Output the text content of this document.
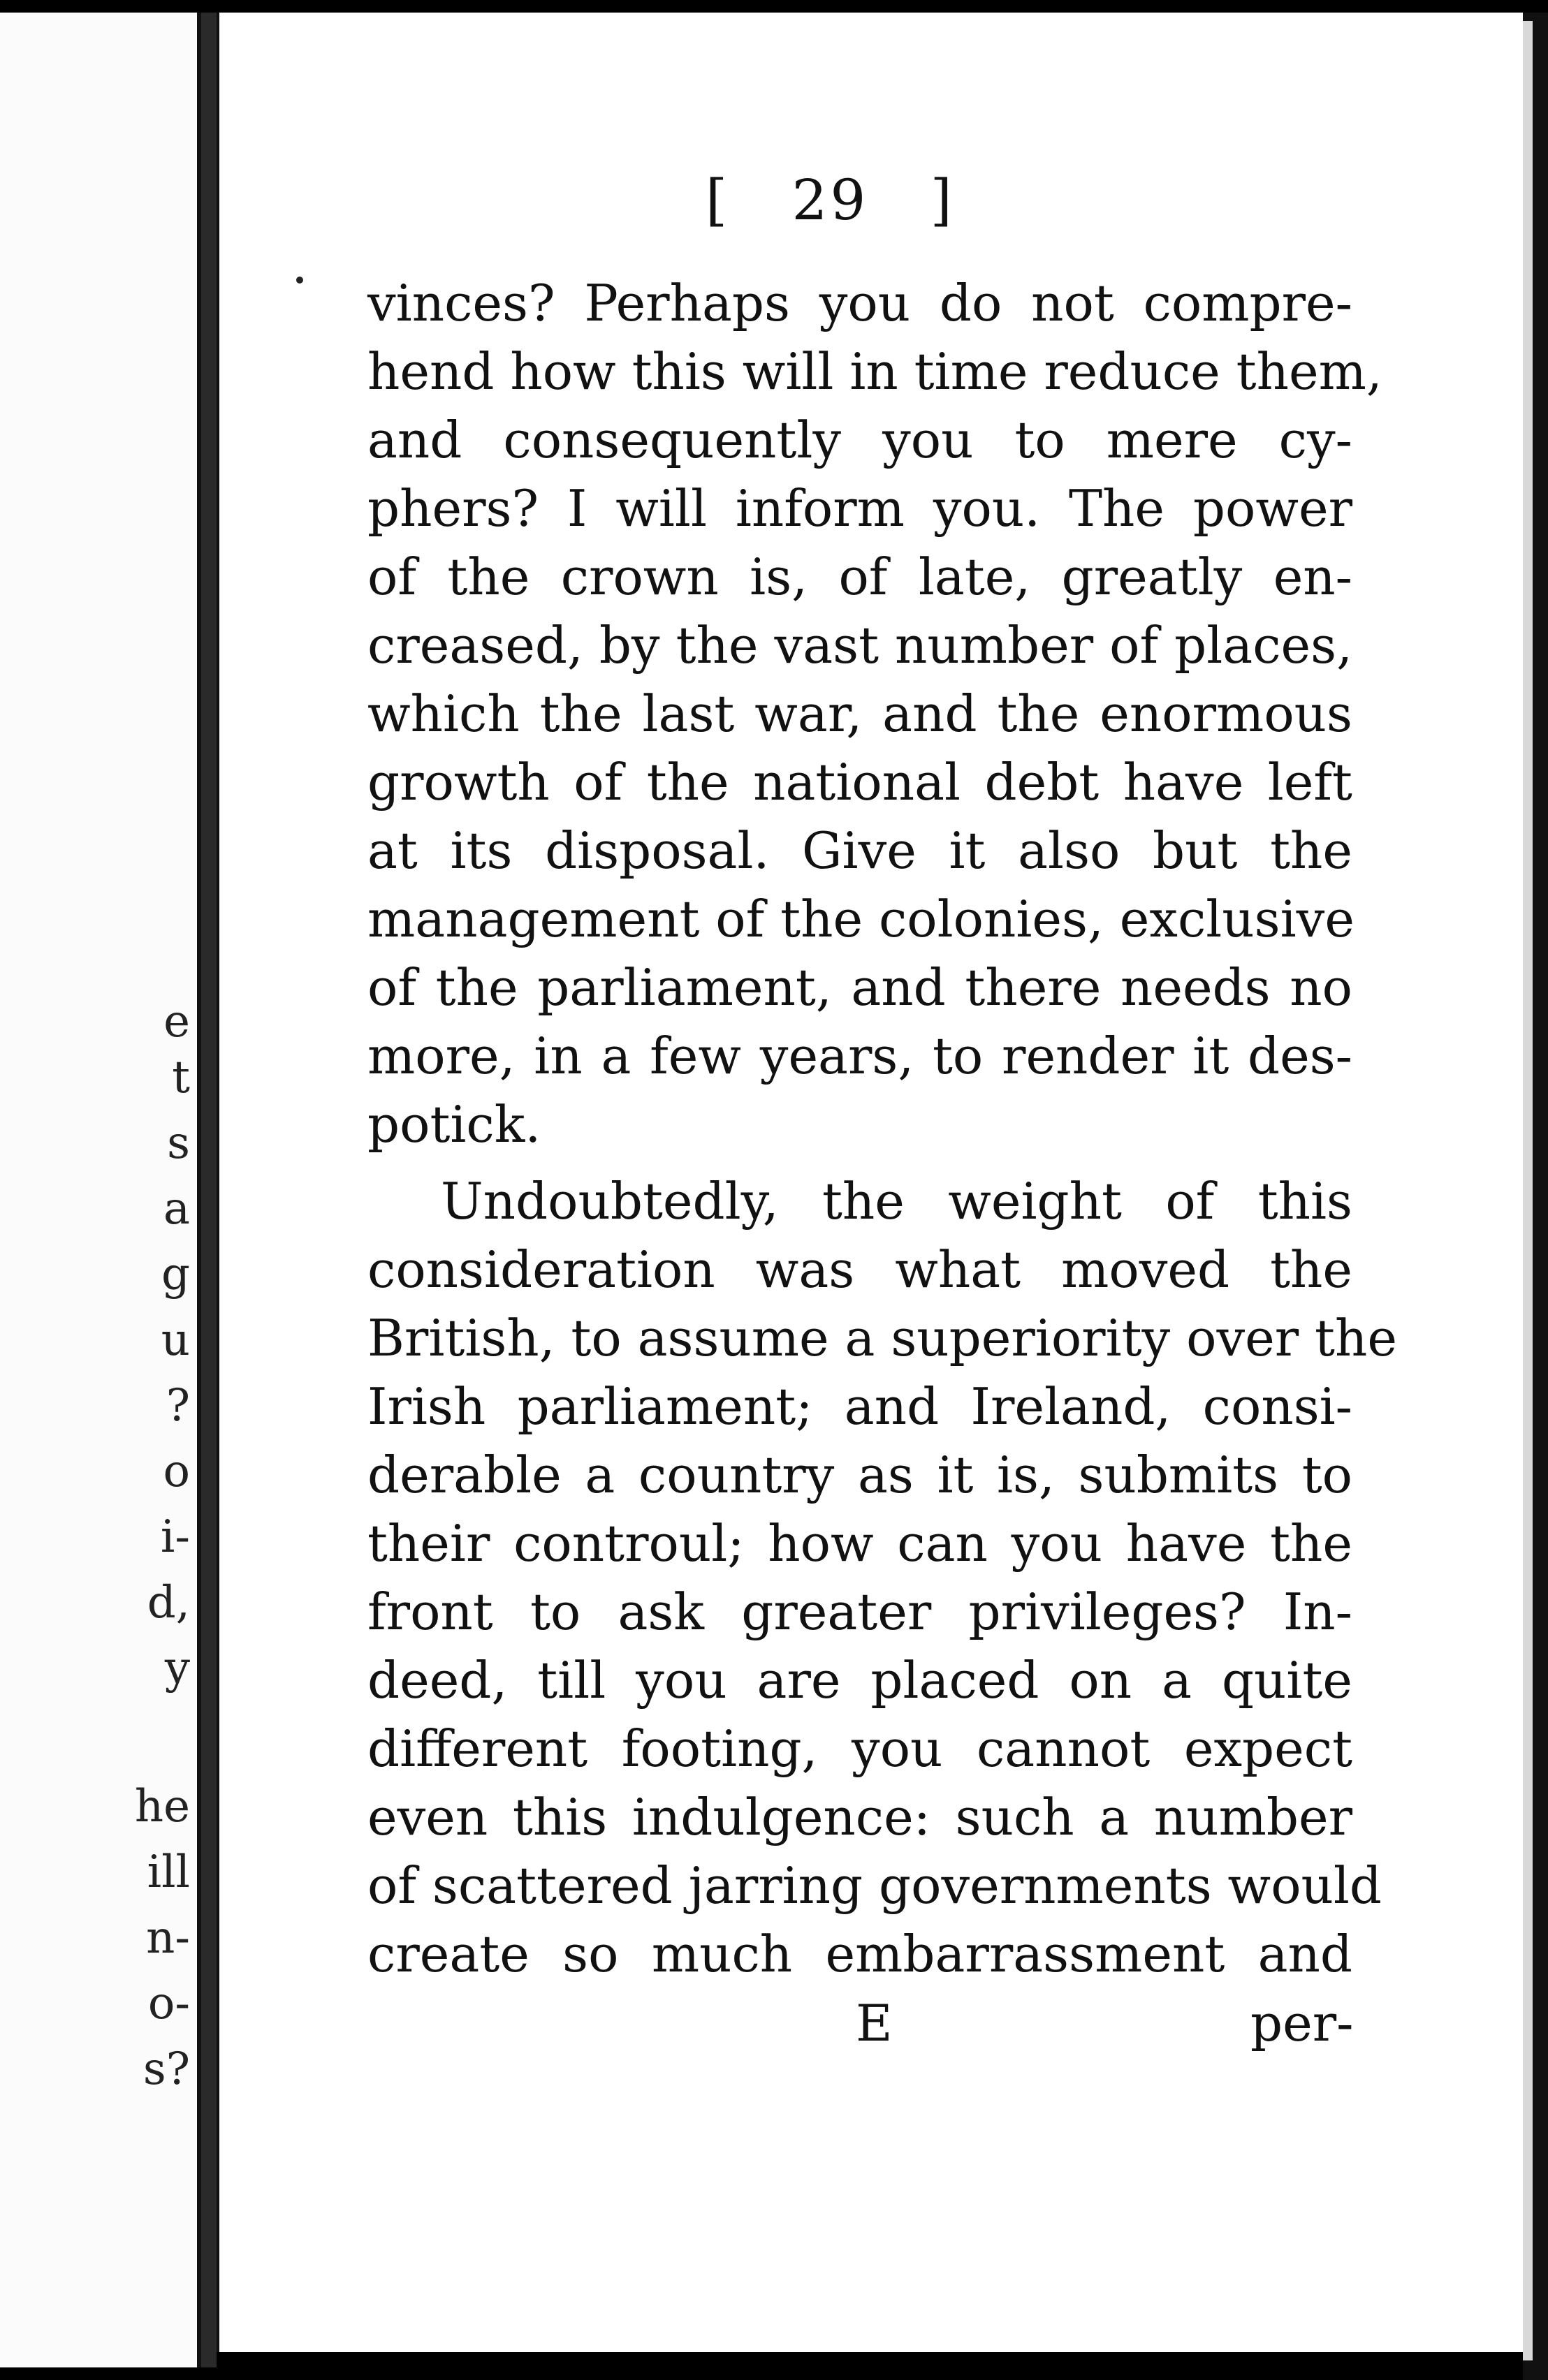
e
t
s
a
g
u
?
o
i-
d,
y
he
ill
n-
o-
s?
[   29   ]
vinces? Perhaps you do not compre-
hend how this will in time reduce them,
and consequently you to mere cy-
phers? I will inform you. The power
of the crown is, of late, greatly en-
creased, by the vast number of places,
which the last war, and the enormous
growth of the national debt have left
at its disposal. Give it also but the
management of the colonies, exclusive
of the parliament, and there needs no
more, in a few years, to render it des-
potick.
Undoubtedly, the weight of this
consideration was what moved the
British, to assume a superiority over the
Irish parliament; and Ireland, consi-
derable a country as it is, submits to
their controul; how can you have the
front to ask greater privileges? In-
deed, till you are placed on a quite
different footing, you cannot expect
even this indulgence: such a number
of scattered jarring governments would
create so much embarrassment and
E	per-
